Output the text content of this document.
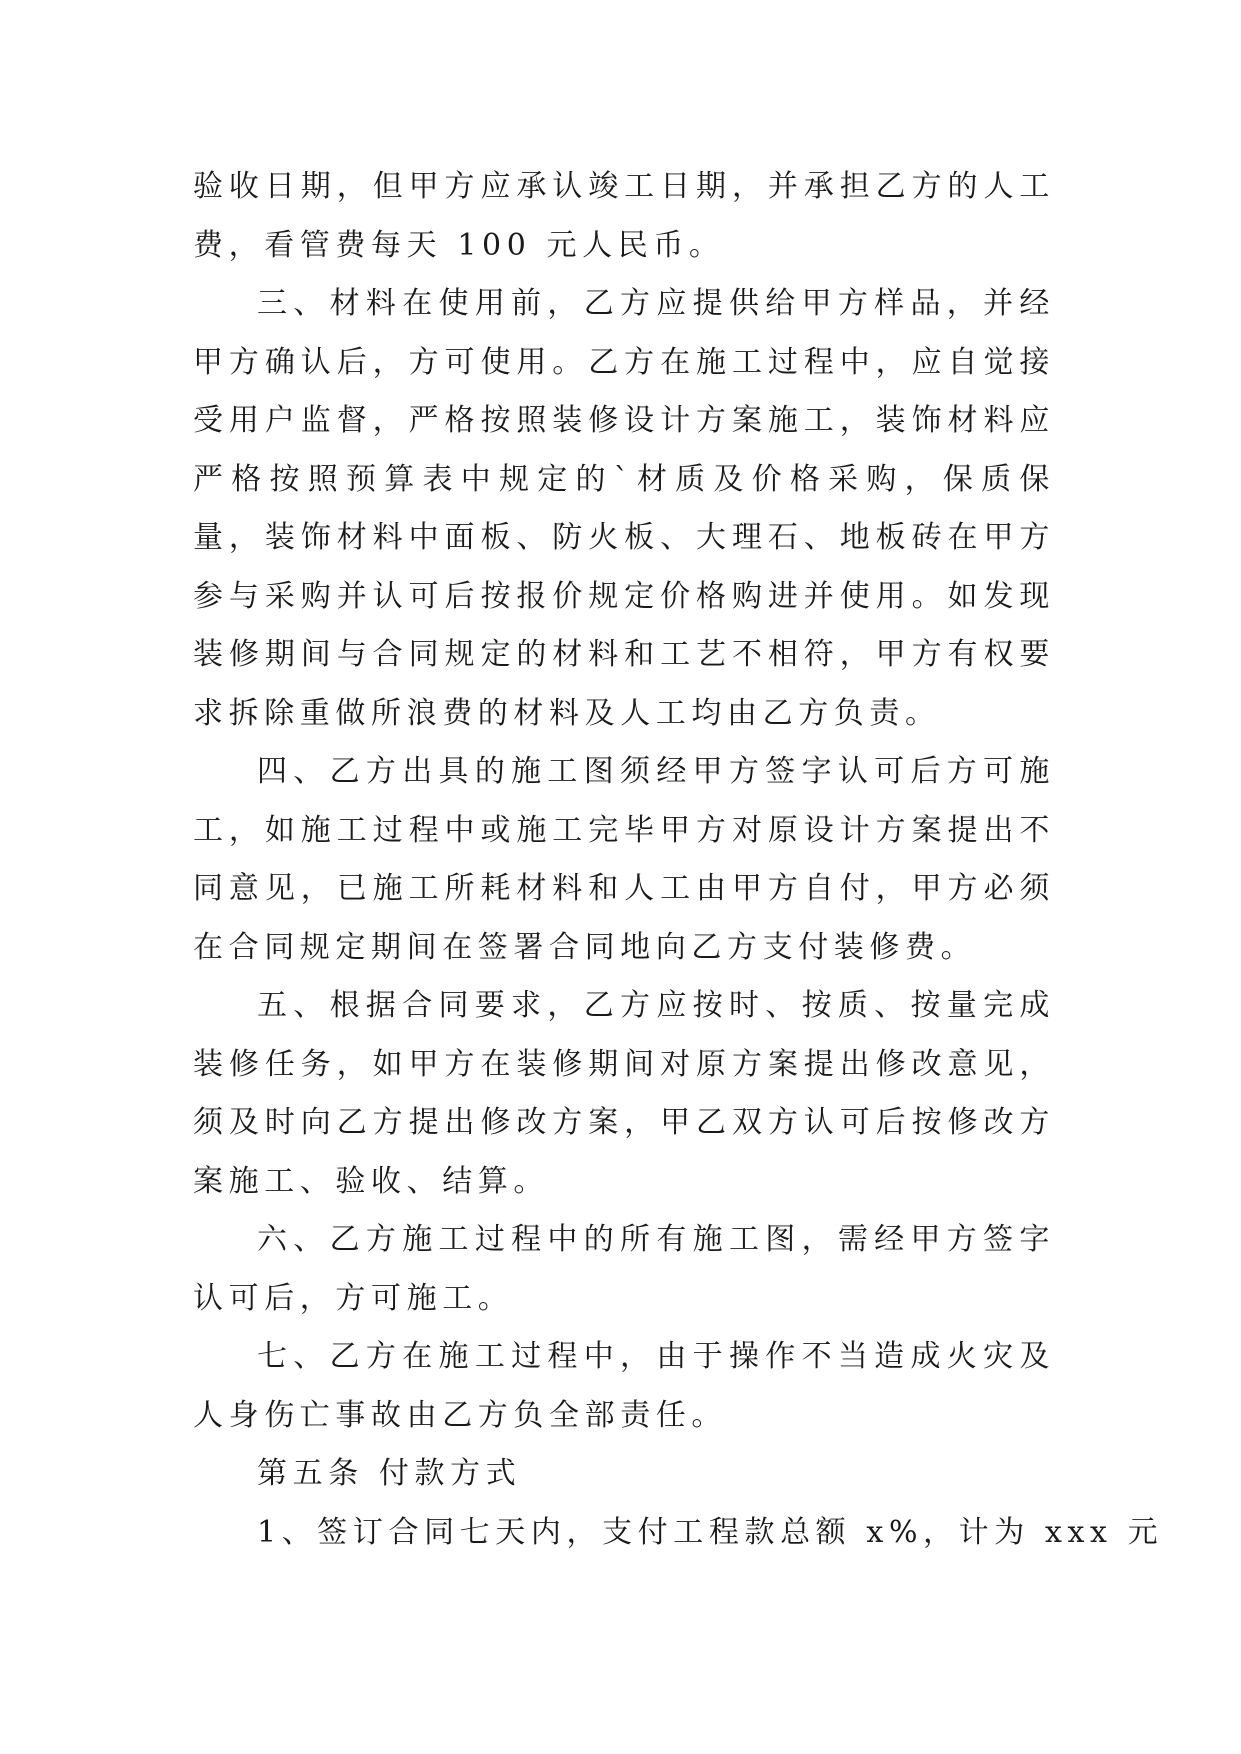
验收日期，但甲方应承认竣工日期，并承担乙方的人工费，看管费每天 100 元人民币。

三、材料在使用前，乙方应提供给甲方样品，并经甲方确认后，方可使用。乙方在施工过程中，应自觉接受用户监督，严格按照装修设计方案施工，装饰材料应严格按照预算表中规定的`材质及价格采购，保质保量，装饰材料中面板、防火板、大理石、地板砖在甲方参与采购并认可后按报价规定价格购进并使用。如发现装修期间与合同规定的材料和工艺不相符，甲方有权要求拆除重做所浪费的材料及人工均由乙方负责。

四、乙方出具的施工图须经甲方签字认可后方可施工，如施工过程中或施工完毕甲方对原设计方案提出不同意见，已施工所耗材料和人工由甲方自付，甲方必须在合同规定期间在签署合同地向乙方支付装修费。

五、根据合同要求，乙方应按时、按质、按量完成装修任务，如甲方在装修期间对原方案提出修改意见，须及时向乙方提出修改方案，甲乙双方认可后按修改方案施工、验收、结算。

六、乙方施工过程中的所有施工图，需经甲方签字认可后，方可施工。

七、乙方在施工过程中，由于操作不当造成火灾及人身伤亡事故由乙方负全部责任。

第五条 付款方式

1、签订合同七天内，支付工程款总额 x%，计为 xxx 元
